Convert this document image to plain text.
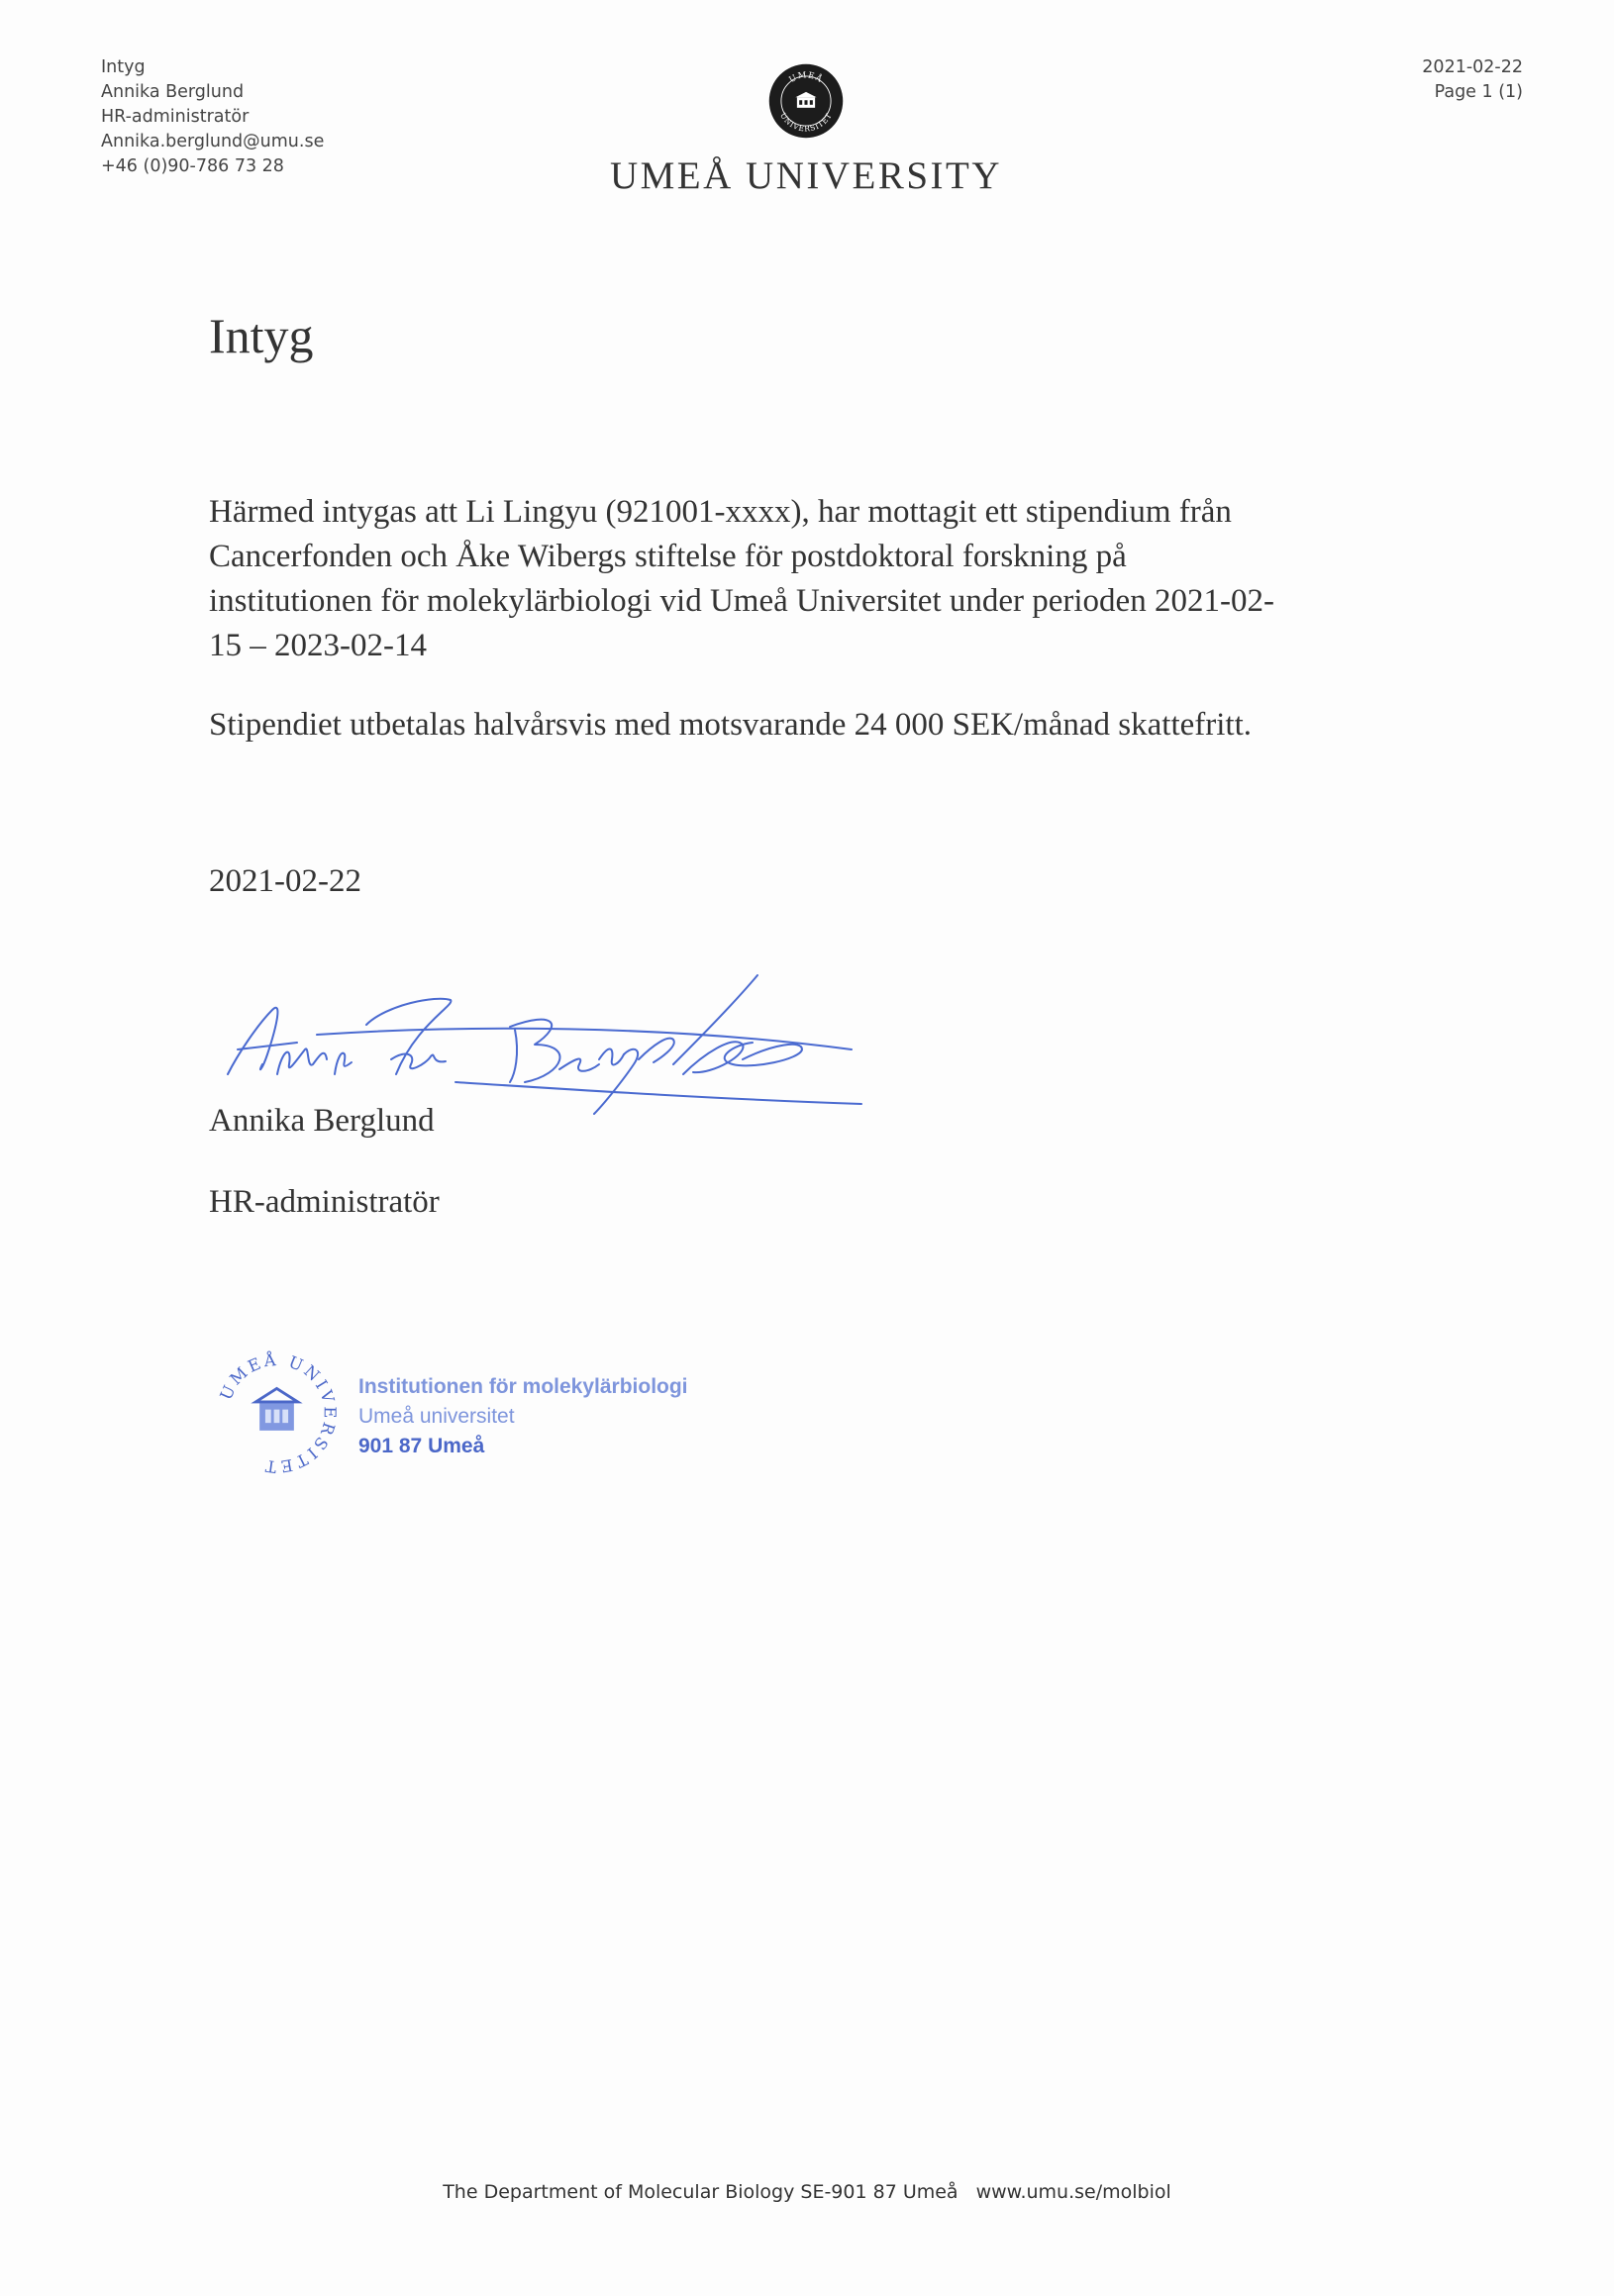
Intyg
Annika Berglund
HR-administratör
Annika.berglund@umu.se
+46 (0)90-786 73 28
UMEÅ
UNIVERSITET
UMEÅ UNIVERSITY
2021-02-22
Page 1 (1)
Intyg
Härmed intygas att Li Lingyu (921001-xxxx), har mottagit ett stipendium från
Cancerfonden och Åke Wibergs stiftelse för postdoktoral forskning på
institutionen för molekylärbiologi vid Umeå Universitet under perioden 2021-02-
15 – 2023-02-14
Stipendiet utbetalas halvårsvis med motsvarande 24 000 SEK/månad skattefritt.
2021-02-22
Annika Berglund
HR-administratör
UMEÅ UNIVERSITET
Institutionen för molekylärbiologi
Umeå universitet
901 87 Umeå
The Department of Molecular Biology SE-901 87 Umeå www.umu.se/molbiol
